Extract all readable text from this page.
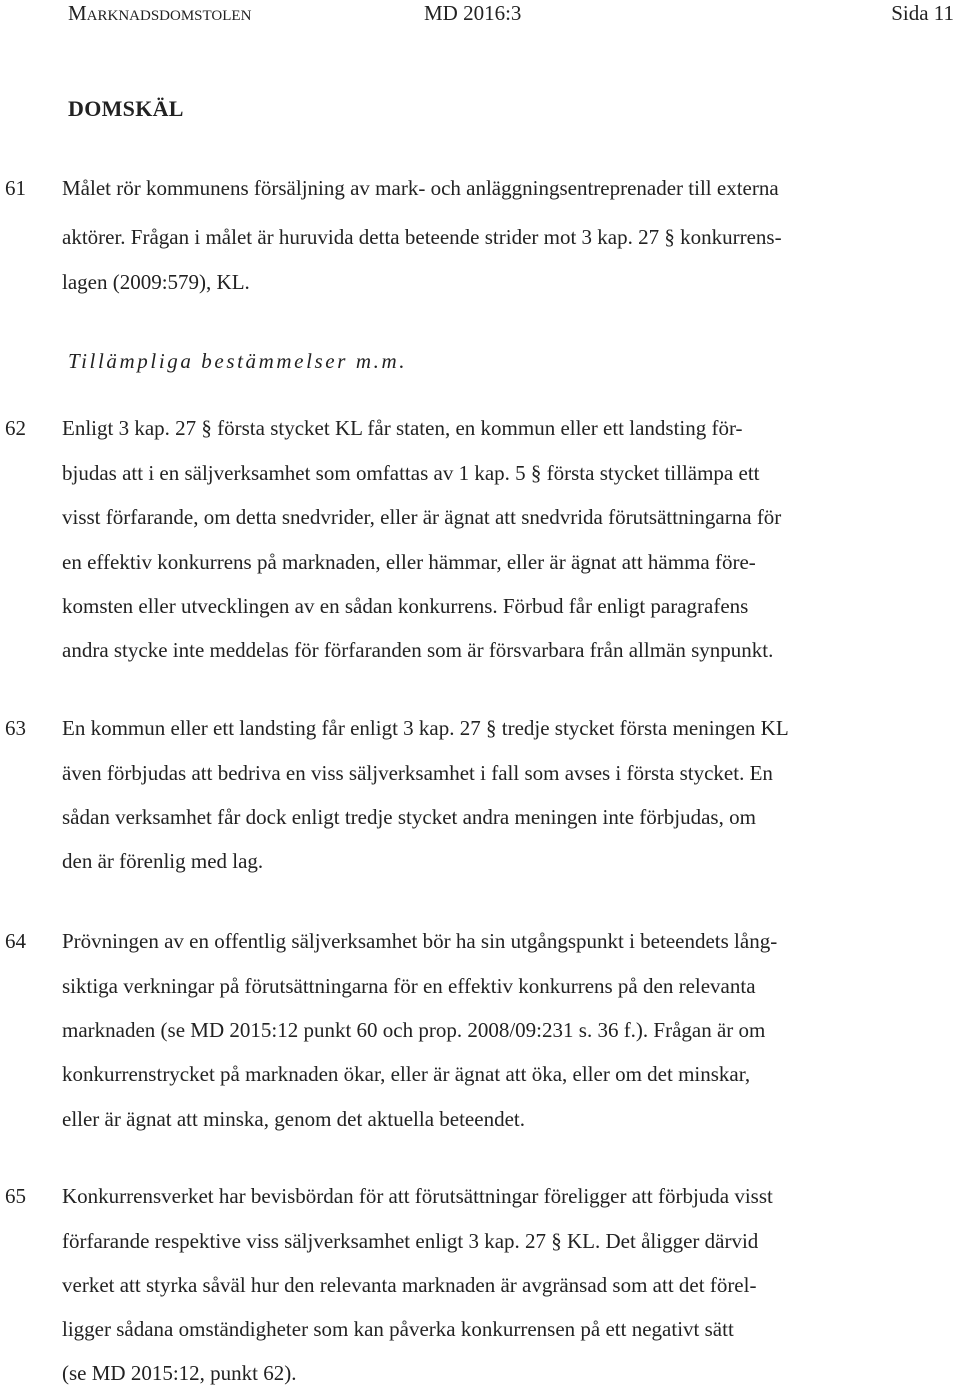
Marknadsdomstolen	MD 2016:3	Sida 11
DOMSKÄL
61	Målet rör kommunens försäljning av mark- och anläggningsentreprenader till externa
aktörer. Frågan i målet är huruvida detta beteende strider mot 3 kap. 27 § konkurrens-
lagen (2009:579), KL.
Tillämpliga bestämmelser m.m.
62	Enligt 3 kap. 27 § första stycket KL får staten, en kommun eller ett landsting för-
bjudas att i en säljverksamhet som omfattas av 1 kap. 5 § första stycket tillämpa ett
visst förfarande, om detta snedvrider, eller är ägnat att snedvrida förutsättningarna för
en effektiv konkurrens på marknaden, eller hämmar, eller är ägnat att hämma före-
komsten eller utvecklingen av en sådan konkurrens. Förbud får enligt paragrafens
andra stycke inte meddelas för förfaranden som är försvarbara från allmän synpunkt.
63	En kommun eller ett landsting får enligt 3 kap. 27 § tredje stycket första meningen KL
även förbjudas att bedriva en viss säljverksamhet i fall som avses i första stycket. En
sådan verksamhet får dock enligt tredje stycket andra meningen inte förbjudas, om
den är förenlig med lag.
64	Prövningen av en offentlig säljverksamhet bör ha sin utgångspunkt i beteendets lång-
siktiga verkningar på förutsättningarna för en effektiv konkurrens på den relevanta
marknaden (se MD 2015:12 punkt 60 och prop. 2008/09:231 s. 36 f.). Frågan är om
konkurrenstrycket på marknaden ökar, eller är ägnat att öka, eller om det minskar,
eller är ägnat att minska, genom det aktuella beteendet.
65	Konkurrensverket har bevisbördan för att förutsättningar föreligger att förbjuda visst
förfarande respektive viss säljverksamhet enligt 3 kap. 27 § KL. Det åligger därvid
verket att styrka såväl hur den relevanta marknaden är avgränsad som att det förel-
ligger sådana omständigheter som kan påverka konkurrensen på ett negativt sätt
(se MD 2015:12, punkt 62).
